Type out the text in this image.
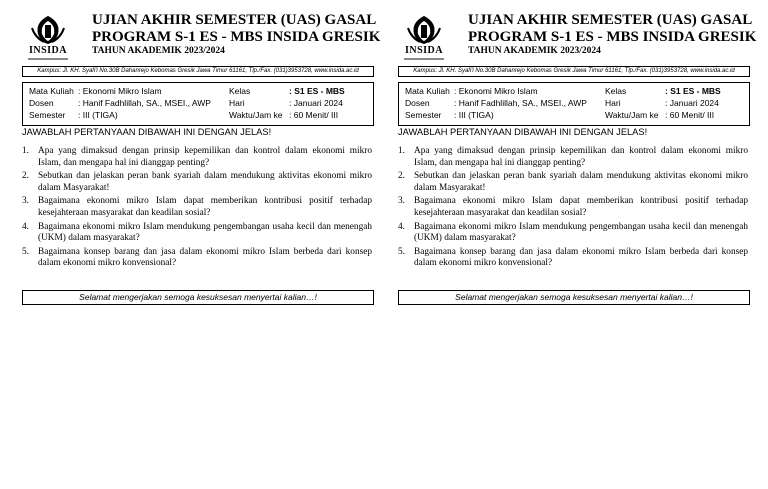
INSIDA
UJIAN AKHIR SEMESTER (UAS) GASAL
PROGRAM S-1 ES - MBS INSIDA GRESIK
TAHUN AKADEMIK 2023/2024
Kampus: Jl. KH. Syafi'i No.30B Dahanrejo Kebomas Gresik Jawa Timur 61161, Tlp./Fax. (031)3953728, www.insida.ac.id
Mata Kuliah : Ekonomi Mikro Islam	Kelas	: S1 ES - MBS
Dosen	: Hanif Fadhlillah, SA., MSEI., AWP Hari	: Januari 2024
Semester : III (TIGA)	Waktu/Jam ke : 60 Menit/ III
JAWABLAH PERTANYAAN DIBAWAH INI DENGAN JELAS!
1. Apa yang dimaksud dengan prinsip kepemilikan dan kontrol dalam ekonomi mikro Islam, dan mengapa hal ini dianggap penting?
2. Sebutkan dan jelaskan peran bank syariah dalam mendukung aktivitas ekonomi mikro dalam Masyarakat!
3. Bagaimana ekonomi mikro Islam dapat memberikan kontribusi positif terhadap kesejahteraan masyarakat dan keadilan sosial?
4. Bagaimana ekonomi mikro Islam mendukung pengembangan usaha kecil dan menengah (UKM) dalam masyarakat?
5. Bagaimana konsep barang dan jasa dalam ekonomi mikro Islam berbeda dari konsep dalam ekonomi mikro konvensional?
Selamat mengerjakan semoga kesuksesan menyertai kalian…!
INSIDA
UJIAN AKHIR SEMESTER (UAS) GASAL
PROGRAM S-1 ES - MBS INSIDA GRESIK
TAHUN AKADEMIK 2023/2024
Kampus: Jl. KH. Syafi'i No.30B Dahanrejo Kebomas Gresik Jawa Timur 61161, Tlp./Fax. (031)3953728, www.insida.ac.id
Mata Kuliah : Ekonomi Mikro Islam	Kelas	: S1 ES - MBS
Dosen	: Hanif Fadhlillah, SA., MSEI., AWP Hari	: Januari 2024
Semester : III (TIGA)	Waktu/Jam ke : 60 Menit/ III
JAWABLAH PERTANYAAN DIBAWAH INI DENGAN JELAS!
1. Apa yang dimaksud dengan prinsip kepemilikan dan kontrol dalam ekonomi mikro Islam, dan mengapa hal ini dianggap penting?
2. Sebutkan dan jelaskan peran bank syariah dalam mendukung aktivitas ekonomi mikro dalam Masyarakat!
3. Bagaimana ekonomi mikro Islam dapat memberikan kontribusi positif terhadap kesejahteraan masyarakat dan keadilan sosial?
4. Bagaimana ekonomi mikro Islam mendukung pengembangan usaha kecil dan menengah (UKM) dalam masyarakat?
5. Bagaimana konsep barang dan jasa dalam ekonomi mikro Islam berbeda dari konsep dalam ekonomi mikro konvensional?
Selamat mengerjakan semoga kesuksesan menyertai kalian…!
